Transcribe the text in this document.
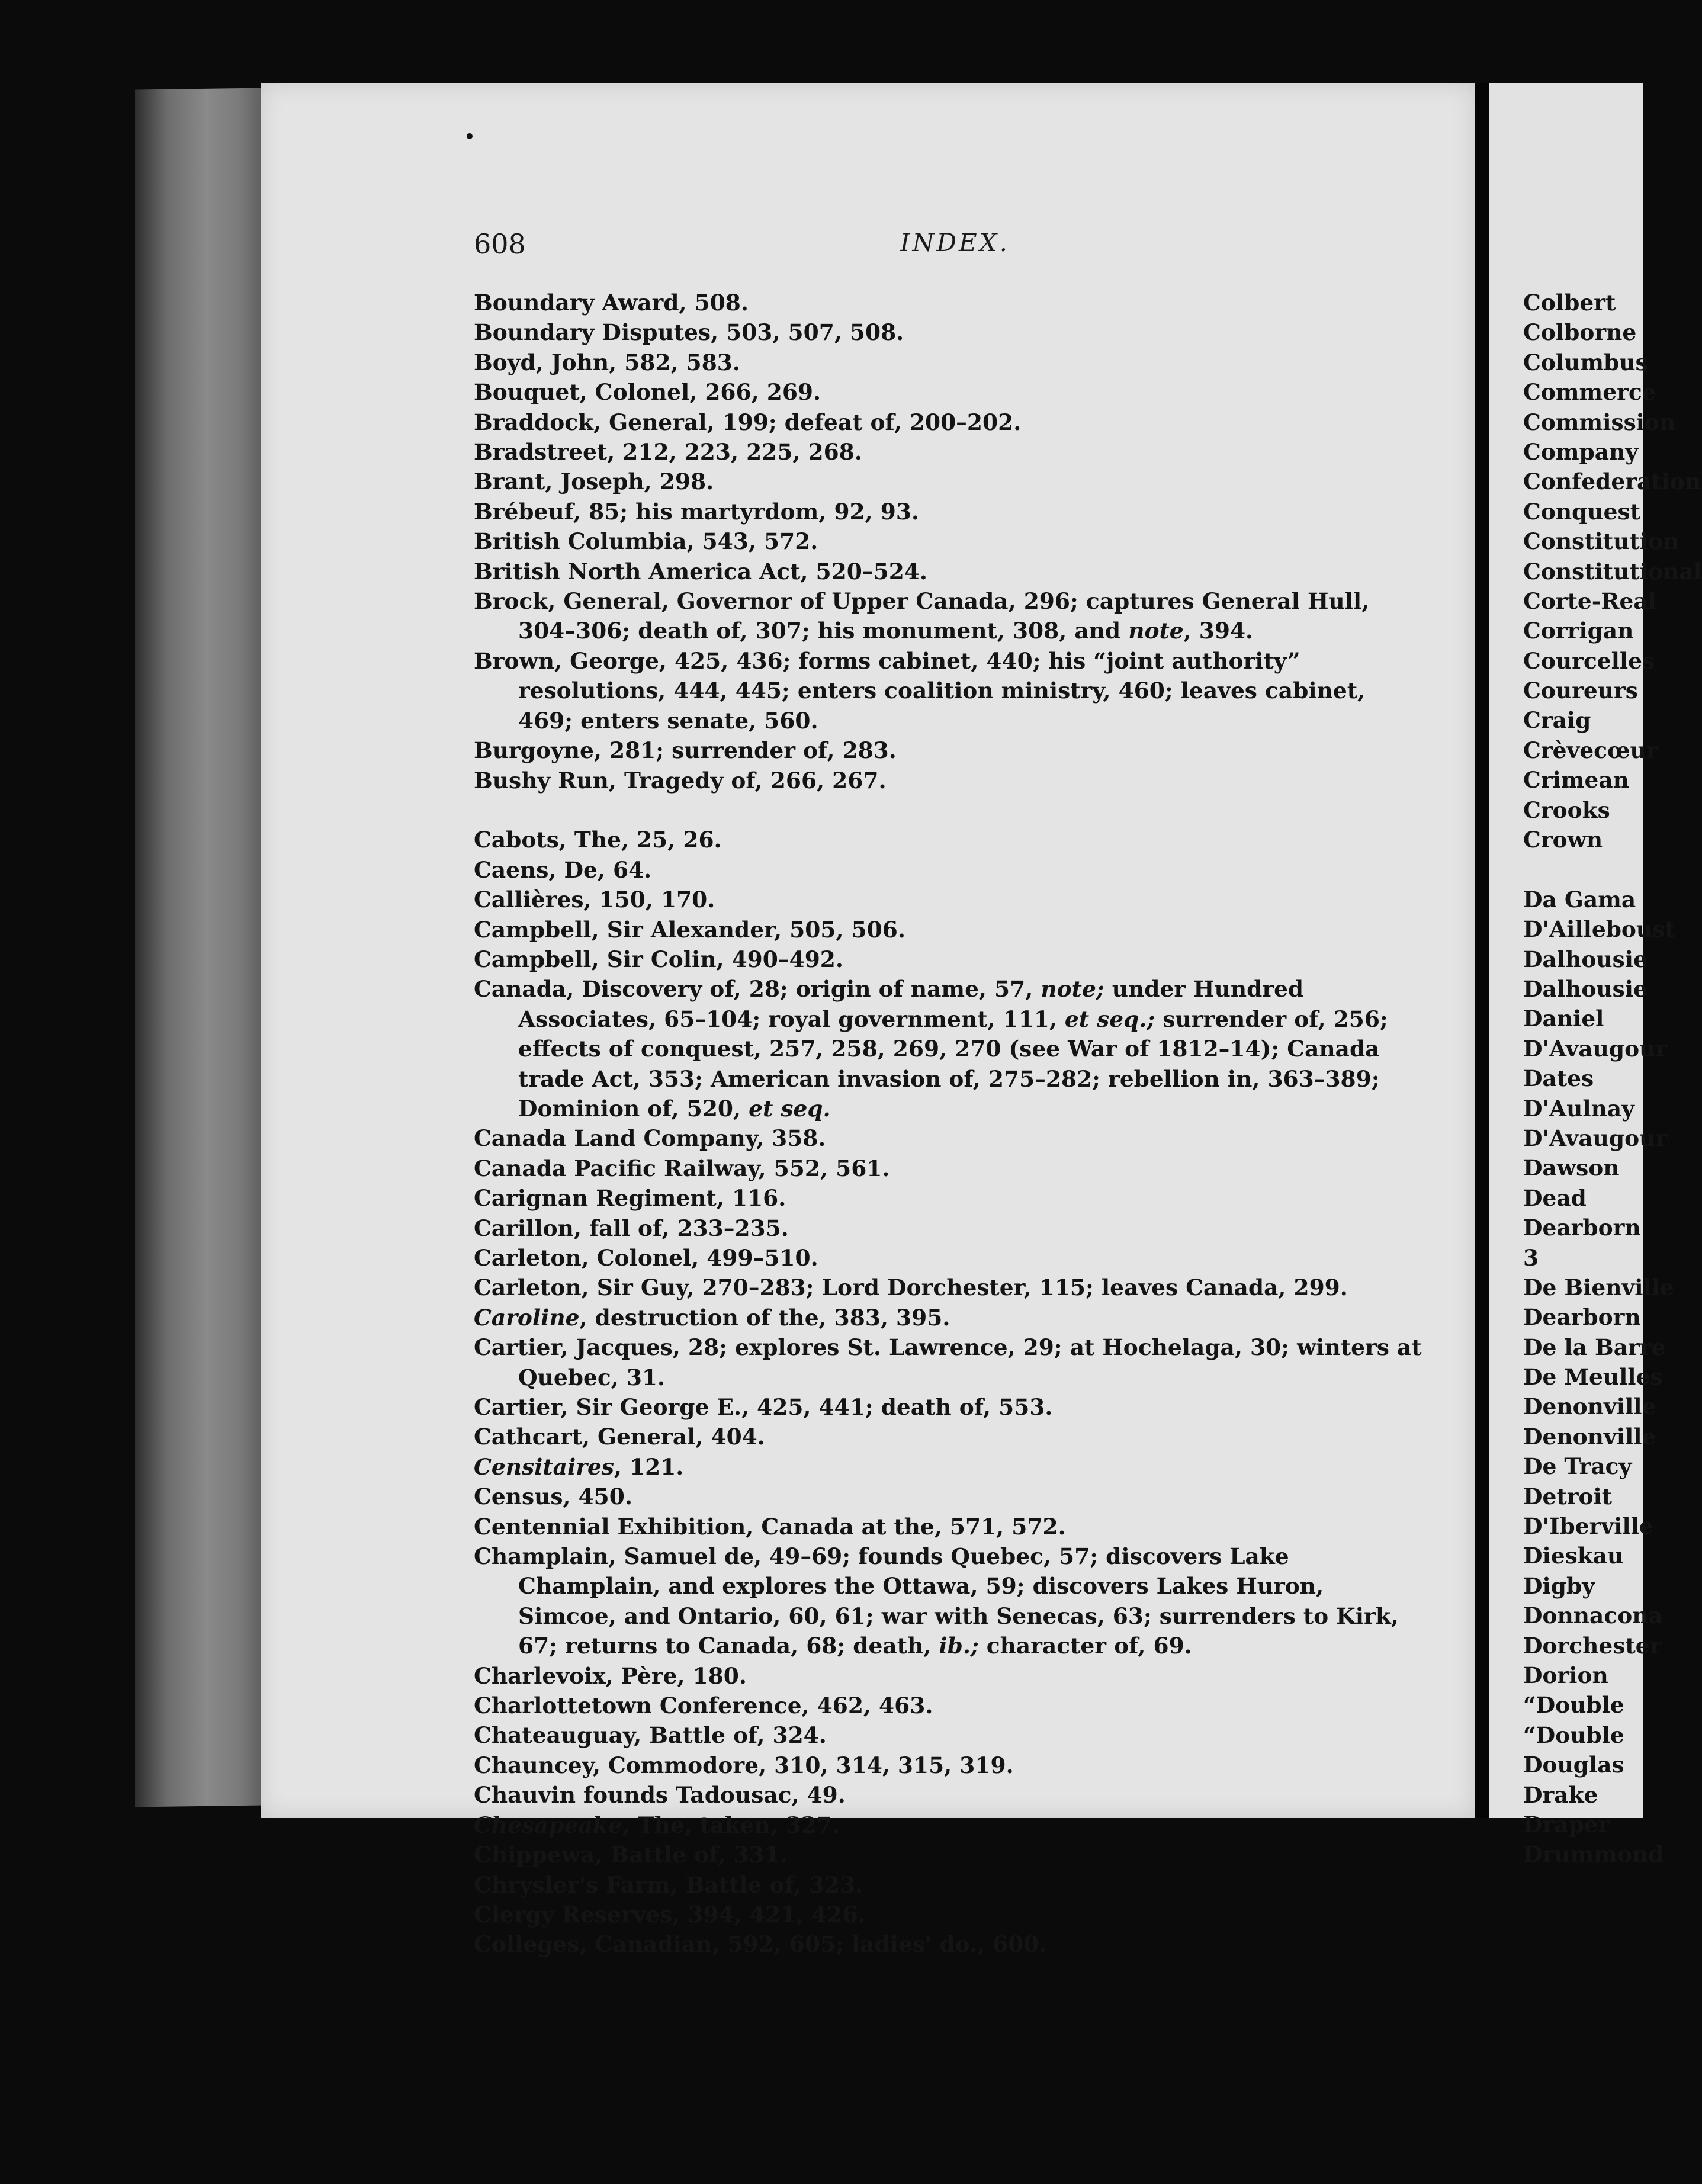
608	INDEX.
Boundary Award, 508.
Boundary Disputes, 503, 507, 508.
Boyd, John, 582, 583.
Bouquet, Colonel, 266, 269.
Braddock, General, 199; defeat of, 200–202.
Bradstreet, 212, 223, 225, 268.
Brant, Joseph, 298.
Brébeuf, 85; his martyrdom, 92, 93.
British Columbia, 543, 572.
British North America Act, 520–524.
Brock, General, Governor of Upper Canada, 296; captures General Hull, 304–306; death of, 307; his monument, 308, and note, 394.
Brown, George, 425, 436; forms cabinet, 440; his “joint authority” resolutions, 444, 445; enters coalition ministry, 460; leaves cabinet, 469; enters senate, 560.
Burgoyne, 281; surrender of, 283.
Bushy Run, Tragedy of, 266, 267.
Cabots, The, 25, 26.
Caens, De, 64.
Callières, 150, 170.
Campbell, Sir Alexander, 505, 506.
Campbell, Sir Colin, 490–492.
Canada, Discovery of, 28; origin of name, 57, note; under Hundred Associates, 65–104; royal government, 111, et seq.; surrender of, 256; effects of conquest, 257, 258, 269, 270 (see War of 1812–14); Canada trade Act, 353; American invasion of, 275–282; rebellion in, 363–389; Dominion of, 520, et seq.
Canada Land Company, 358.
Canada Pacific Railway, 552, 561.
Carignan Regiment, 116.
Carillon, fall of, 233–235.
Carleton, Colonel, 499–510.
Carleton, Sir Guy, 270–283; Lord Dorchester, 115; leaves Canada, 299.
Caroline, destruction of the, 383, 395.
Cartier, Jacques, 28; explores St. Lawrence, 29; at Hochelaga, 30; winters at Quebec, 31.
Cartier, Sir George E., 425, 441; death of, 553.
Cathcart, General, 404.
Censitaires, 121.
Census, 450.
Centennial Exhibition, Canada at the, 571, 572.
Champlain, Samuel de, 49–69; founds Quebec, 57; discovers Lake Champlain, and explores the Ottawa, 59; discovers Lakes Huron, Simcoe, and Ontario, 60, 61; war with Senecas, 63; surrenders to Kirk, 67; returns to Canada, 68; death, ib.; character of, 69.
Charlevoix, Père, 180.
Charlottetown Conference, 462, 463.
Chateauguay, Battle of, 324.
Chauncey, Commodore, 310, 314, 315, 319.
Chauvin founds Tadousac, 49.
Chesapeake, The, taken, 327.
Chippewa, Battle of, 331.
Chrysler's Farm, Battle of, 323.
Clergy Reserves, 394, 421, 426.
Colleges, Canadian, 592, 605; ladies' do., 600.
Colbert
Colborne
Columbus
Commerce
Commission
Company
Confederation
Conquest
Constitution
Constitutional
Corte-Real
Corrigan
Courcelles
Coureurs
Craig
Crèvecœur
Crimean
Crooks
Crown
Da Gama
D'Ailleboust
Dalhousie
Dalhousie
Daniel
D'Avaugour
Dates
D'Aulnay
D'Avaugour
Dawson
Dead
Dearborn
3
De Bienville
Dearborn
De la Barre
De Meulles
Denonville
Denonville
De Tracy
Detroit
D'Iberville
Dieskau
Digby
Donnacona
Dorchester
Dorion
“Double
“Double
Douglas
Drake
Draper
Drummond
